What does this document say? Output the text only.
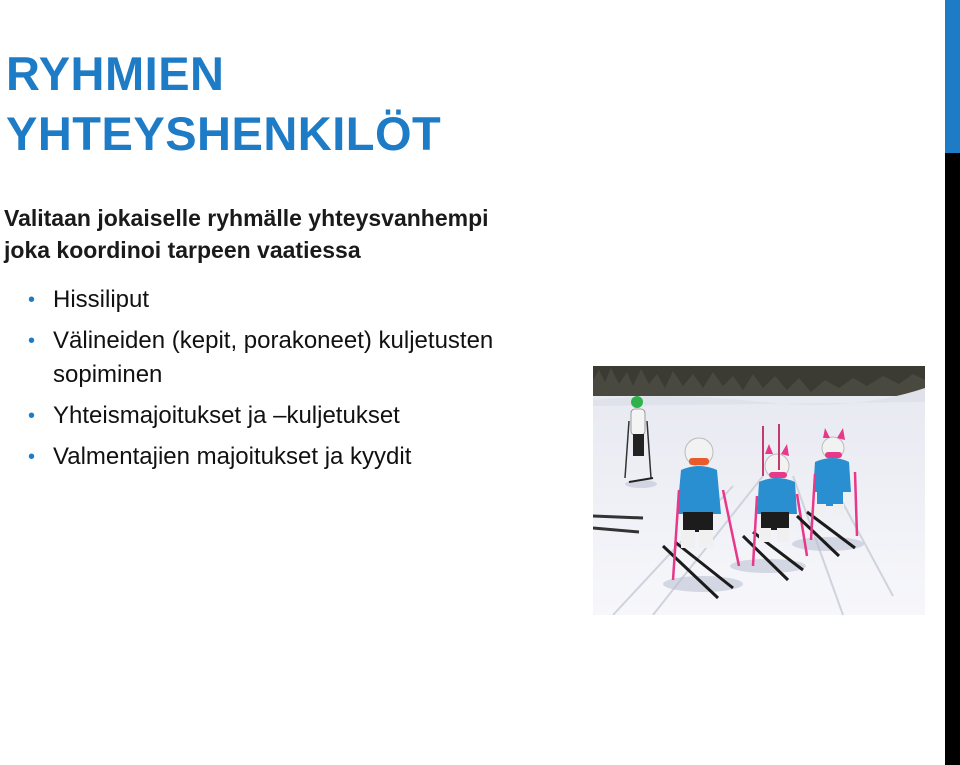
RYHMIEN
YHTEYSHENKILÖT

Valitaan jokaiselle ryhmälle yhteysvanhempi
joka koordinoi tarpeen vaatiessa

• Hissiliput
• Välineiden (kepit, porakoneet) kuljetusten sopiminen
• Yhteismajoitukset ja –kuljetukset
• Valmentajien majoitukset ja kyydit
